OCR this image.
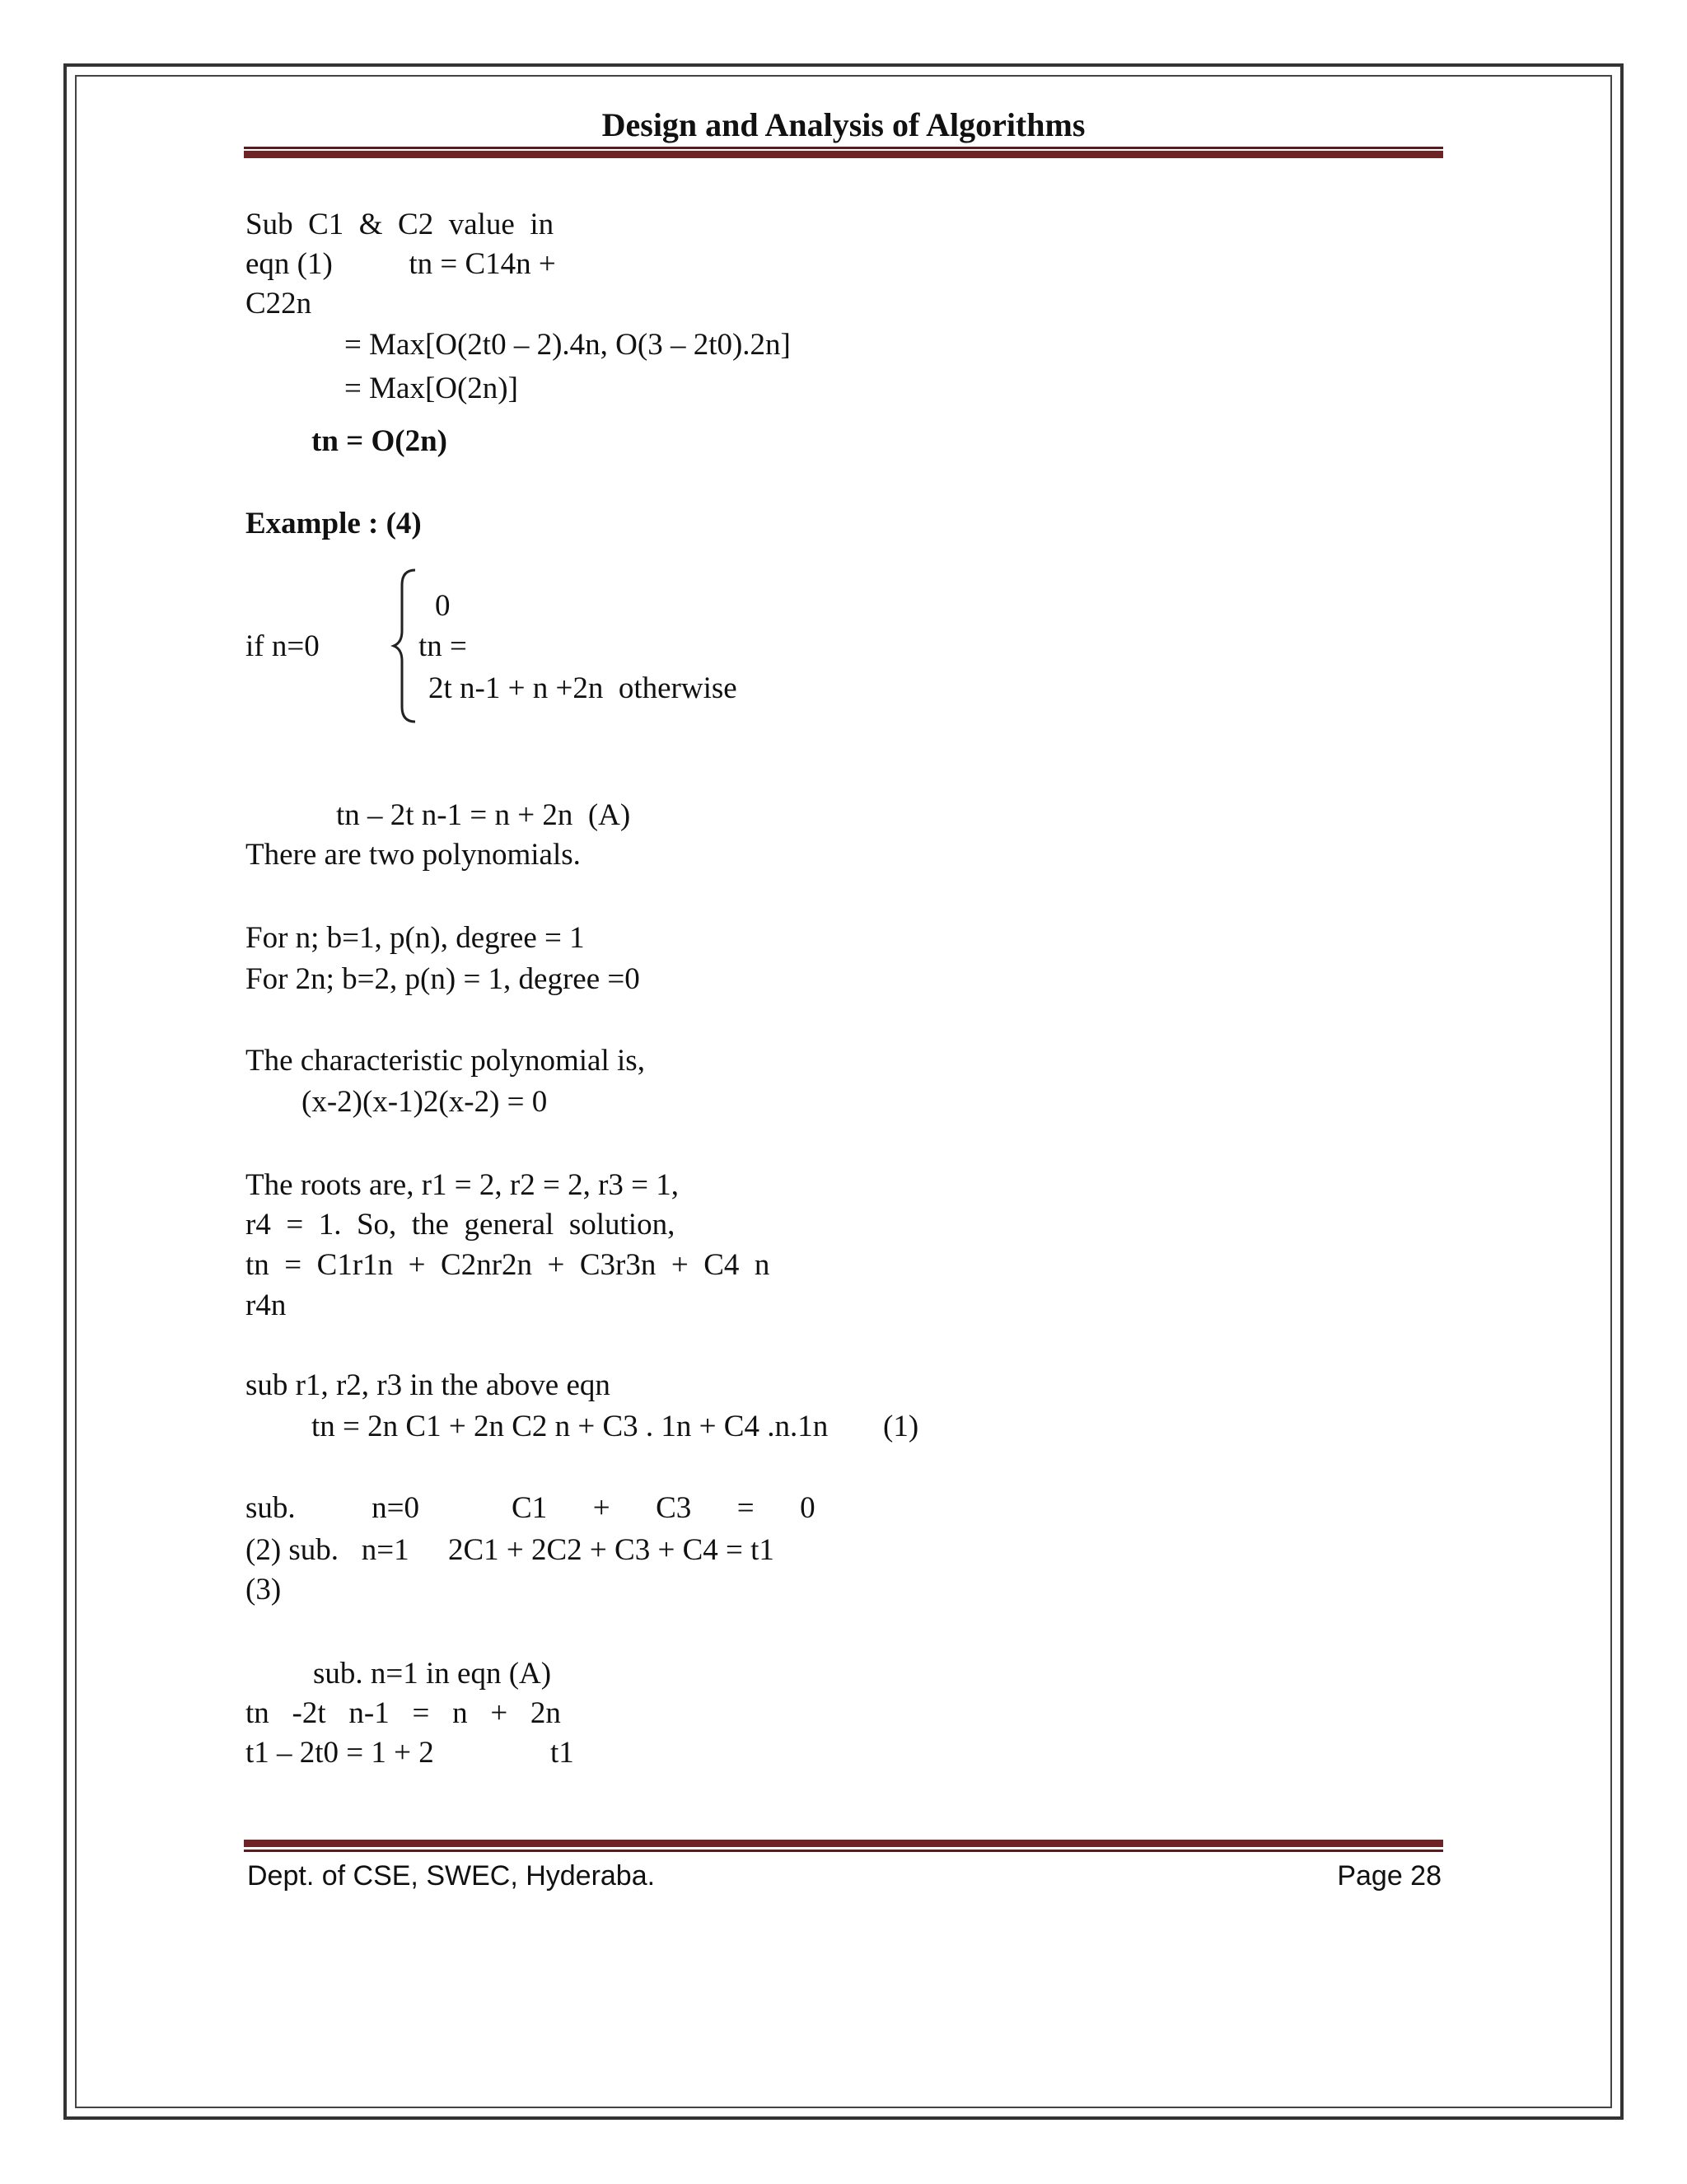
Design and Analysis of Algorithms
Sub  C1  &  C2  value  in
eqn (1)          tn = C14n +
C22n
= Max[O(2t0 – 2).4n, O(3 – 2t0).2n]
= Max[O(2n)]
tn = O(2n)
Example : (4)
0
if n=0	tn =
2t n-1 + n +2n  otherwise
tn – 2t n-1 = n + 2n  (A)
There are two polynomials.
For n; b=1, p(n), degree = 1
For 2n; b=2, p(n) = 1, degree =0
The characteristic polynomial is,
(x-2)(x-1)2(x-2) = 0
The roots are, r1 = 2, r2 = 2, r3 = 1,
r4  =  1.  So,  the  general  solution,
tn  =  C1r1n  +  C2nr2n  +  C3r3n  +  C4  n
r4n
sub r1, r2, r3 in the above eqn
tn = 2n C1 + 2n C2 n + C3 . 1n + C4 .n.1n (1)
sub.          n=0          C1      +      C3      =      0
(2) sub.   n=1   2C1 + 2C2 + C3 + C4 = t1
(3)
sub. n=1 in eqn (A)
tn   -2t   n-1   =   n   +   2n
t1 – 2t0 = 1 + 2	t1
Dept. of CSE, SWEC, Hyderaba.	Page 28
